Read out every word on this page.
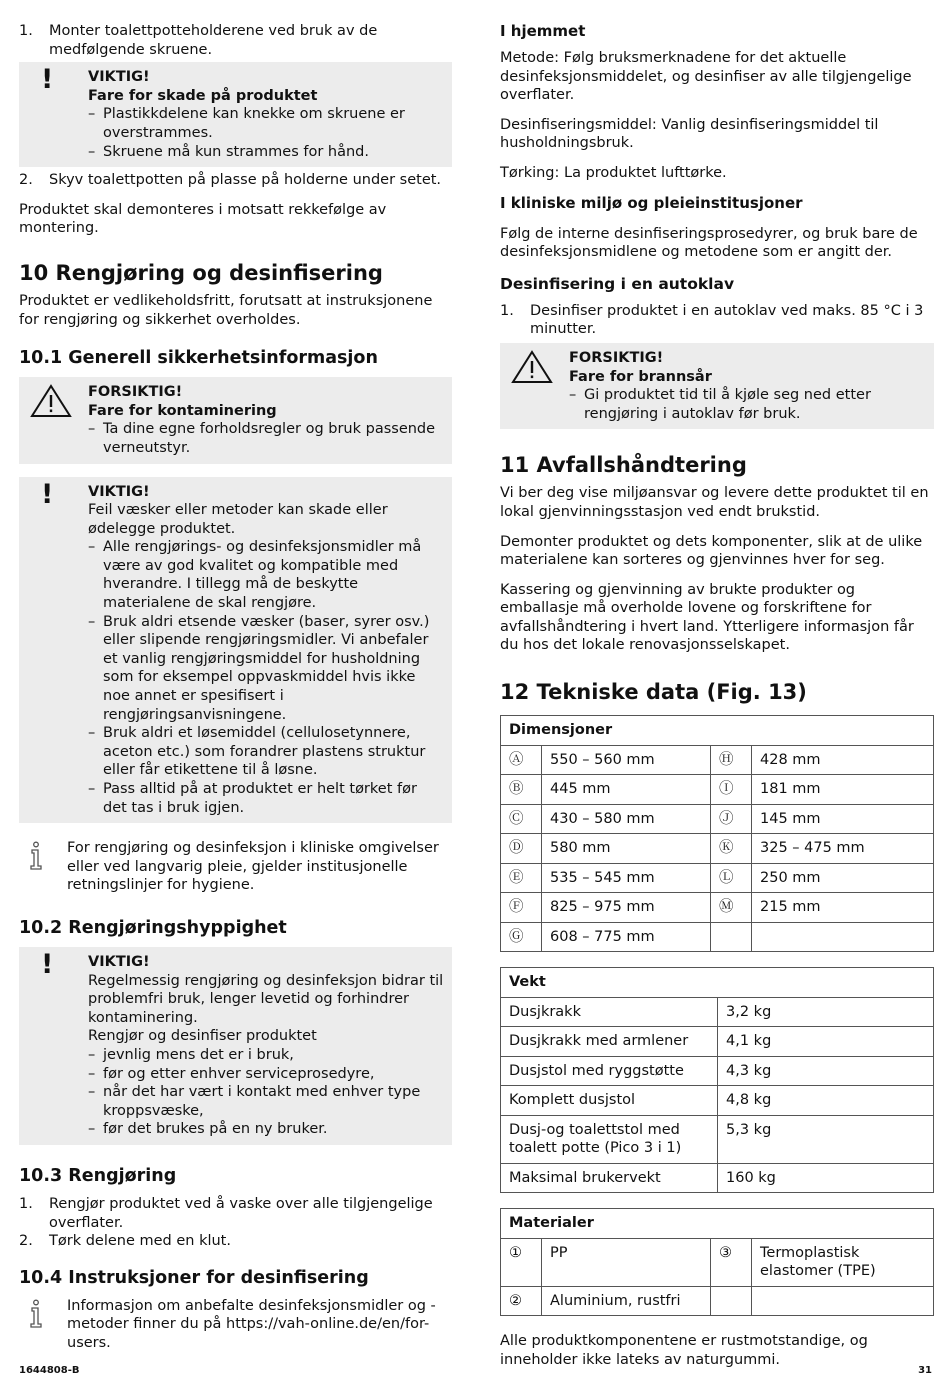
1. Monter toalettpotteholderene ved bruk av de medfølgende skruene.
! VIKTIG!
Fare for skade på produktet
– Plastikkdelene kan knekke om skruene er overstrammes.
– Skruene må kun strammes for hånd.
2. Skyv toalettpotten på plasse på holderne under setet.

Produktet skal demonteres i motsatt rekkefølge av montering.

10 Rengjøring og desinfisering

Produktet er vedlikeholdsfritt, forutsatt at instruksjonene for rengjøring og sikkerhet overholdes.

10.1 Generell sikkerhetsinformasjon
FORSIKTIG!
Fare for kontaminering
– Ta dine egne forholdsregler og bruk passende verneutstyr.
! VIKTIG!
Feil væsker eller metoder kan skade eller ødelegge produktet.
– Alle rengjørings- og desinfeksjonsmidler må være av god kvalitet og kompatible med hverandre. I tillegg må de beskytte materialene de skal rengjøre.
– Bruk aldri etsende væsker (baser, syrer osv.) eller slipende rengjøringsmidler. Vi anbefaler et vanlig rengjøringsmiddel for husholdning som for eksempel oppvaskmiddel hvis ikke noe annet er spesifisert i rengjøringsanvisningene.
– Bruk aldri et løsemiddel (cellulosetynnere, aceton etc.) som forandrer plastens struktur eller får etikettene til å løsne.
– Pass alltid på at produktet er helt tørket før det tas i bruk igjen.

For rengjøring og desinfeksjon i kliniske omgivelser eller ved langvarig pleie, gjelder institusjonelle retningslinjer for hygiene.

10.2 Rengjøringshyppighet
! VIKTIG!
Regelmessig rengjøring og desinfeksjon bidrar til problemfri bruk, lenger levetid og forhindrer kontaminering.
Rengjør og desinfiser produktet
– jevnlig mens det er i bruk,
– før og etter enhver serviceprosedyre,
– når det har vært i kontakt med enhver type kroppsvæske,
– før det brukes på en ny bruker.
10.3 Rengjøring
1. Rengjør produktet ved å vaske over alle tilgjengelige overflater.
2. Tørk delene med en klut.
10.4 Instruksjoner for desinfisering

Informasjon om anbefalte desinfeksjonsmidler og -metoder finner du på https://vah-online.de/en/for-users.

I hjemmet

Metode: Følg bruksmerknadene for det aktuelle desinfeksjonsmiddelet, og desinfiser av alle tilgjengelige overflater.

Desinfiseringsmiddel: Vanlig desinfiseringsmiddel til husholdningsbruk.

Tørking: La produktet lufttørke.

I kliniske miljø og pleieinstitusjoner

Følg de interne desinfiseringsprosedyrer, og bruk bare de desinfeksjonsmidlene og metodene som er angitt der.

Desinfisering i en autoklav
1. Desinfiser produktet i en autoklav ved maks. 85 °C i 3 minutter.
FORSIKTIG!
Fare for brannsår
– Gi produktet tid til å kjøle seg ned etter rengjøring i autoklav før bruk.
11 Avfallshåndtering

Vi ber deg vise miljøansvar og levere dette produktet til en lokal gjenvinningsstasjon ved endt brukstid.

Demonter produktet og dets komponenter, slik at de ulike materialene kan sorteres og gjenvinnes hver for seg.

Kassering og gjenvinning av brukte produkter og emballasje må overholde lovene og forskriftene for avfallshåndtering i hvert land. Ytterligere informasjon får du hos det lokale renovasjonsselskapet.

12 Tekniske data (Fig. 13)
Dimensjoner			
Ⓐ	550 – 560 mm	Ⓗ	428 mm
Ⓑ	445 mm	Ⓘ	181 mm
Ⓒ	430 – 580 mm	Ⓙ	145 mm
Ⓓ	580 mm	Ⓚ	325 – 475 mm
Ⓔ	535 – 545 mm	Ⓛ	250 mm
Ⓕ	825 – 975 mm	Ⓜ	215 mm
Ⓖ	608 – 775 mm		
Vekt	
Dusjkrakk	3,2 kg
Dusjkrakk med armlener	4,1 kg
Dusjstol med ryggstøtte	4,3 kg
Komplett dusjstol	4,8 kg
Dusj-og toalettstol med toalett potte (Pico 3 i 1)	5,3 kg
Maksimal brukervekt	160 kg
Materialer			
①	PP	③	Termoplastisk elastomer (TPE)
②	Aluminium, rustfri		

Alle produktkomponentene er rustmotstandige, og inneholder ikke lateks av naturgummi.

1644808-B	31
